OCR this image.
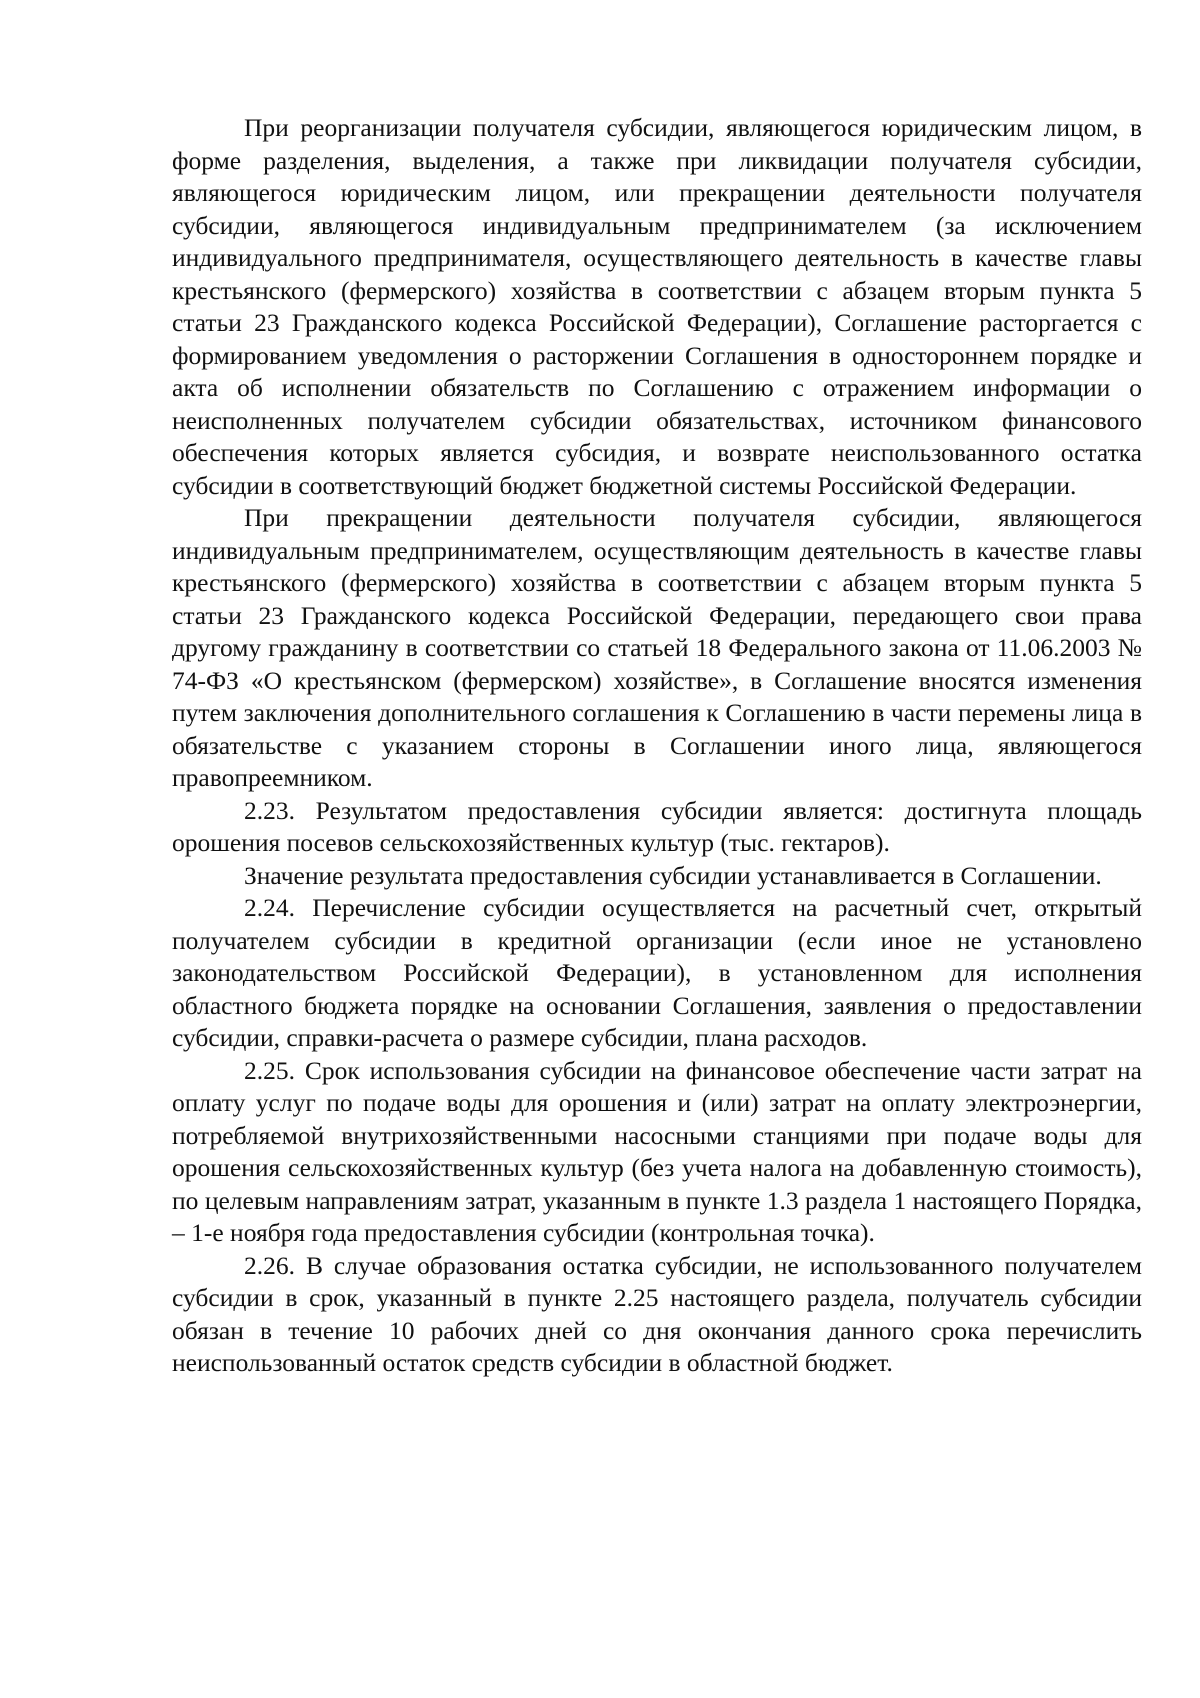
При реорганизации получателя субсидии, являющегося юридическим лицом, в форме разделения, выделения, а также при ликвидации получателя субсидии, являющегося юридическим лицом, или прекращении деятельности получателя субсидии, являющегося индивидуальным предпринимателем (за исключением индивидуального предпринимателя, осуществляющего деятельность в качестве главы крестьянского (фермерского) хозяйства в соответствии с абзацем вторым пункта 5 статьи 23 Гражданского кодекса Российской Федерации), Соглашение расторгается с формированием уведомления о расторжении Соглашения в одностороннем порядке и акта об исполнении обязательств по Соглашению с отражением информации о неисполненных получателем субсидии обязательствах, источником финансового обеспечения которых является субсидия, и возврате неиспользованного остатка субсидии в соответствующий бюджет бюджетной системы Российской Федерации.

При прекращении деятельности получателя субсидии, являющегося индивидуальным предпринимателем, осуществляющим деятельность в качестве главы крестьянского (фермерского) хозяйства в соответствии с абзацем вторым пункта 5 статьи 23 Гражданского кодекса Российской Федерации, передающего свои права другому гражданину в соответствии со статьей 18 Федерального закона от 11.06.2003 № 74-ФЗ «О крестьянском (фермерском) хозяйстве», в Соглашение вносятся изменения путем заключения дополнительного соглашения к Соглашению в части перемены лица в обязательстве с указанием стороны в Соглашении иного лица, являющегося правопреемником.

2.23. Результатом предоставления субсидии является: достигнута площадь орошения посевов сельскохозяйственных культур (тыс. гектаров).

Значение результата предоставления субсидии устанавливается в Соглашении.

2.24. Перечисление субсидии осуществляется на расчетный счет, открытый получателем субсидии в кредитной организации (если иное не установлено законодательством Российской Федерации), в установленном для исполнения областного бюджета порядке на основании Соглашения, заявления о предоставлении субсидии, справки-расчета о размере субсидии, плана расходов.

2.25. Срок использования субсидии на финансовое обеспечение части затрат на оплату услуг по подаче воды для орошения и (или) затрат на оплату электроэнергии, потребляемой внутрихозяйственными насосными станциями при подаче воды для орошения сельскохозяйственных культур (без учета налога на добавленную стоимость), по целевым направлениям затрат, указанным в пункте 1.3 раздела 1 настоящего Порядка, – 1-е ноября года предоставления субсидии (контрольная точка).

2.26. В случае образования остатка субсидии, не использованного получателем субсидии в срок, указанный в пункте 2.25 настоящего раздела, получатель субсидии обязан в течение 10 рабочих дней со дня окончания данного срока перечислить неиспользованный остаток средств субсидии в областной бюджет.
